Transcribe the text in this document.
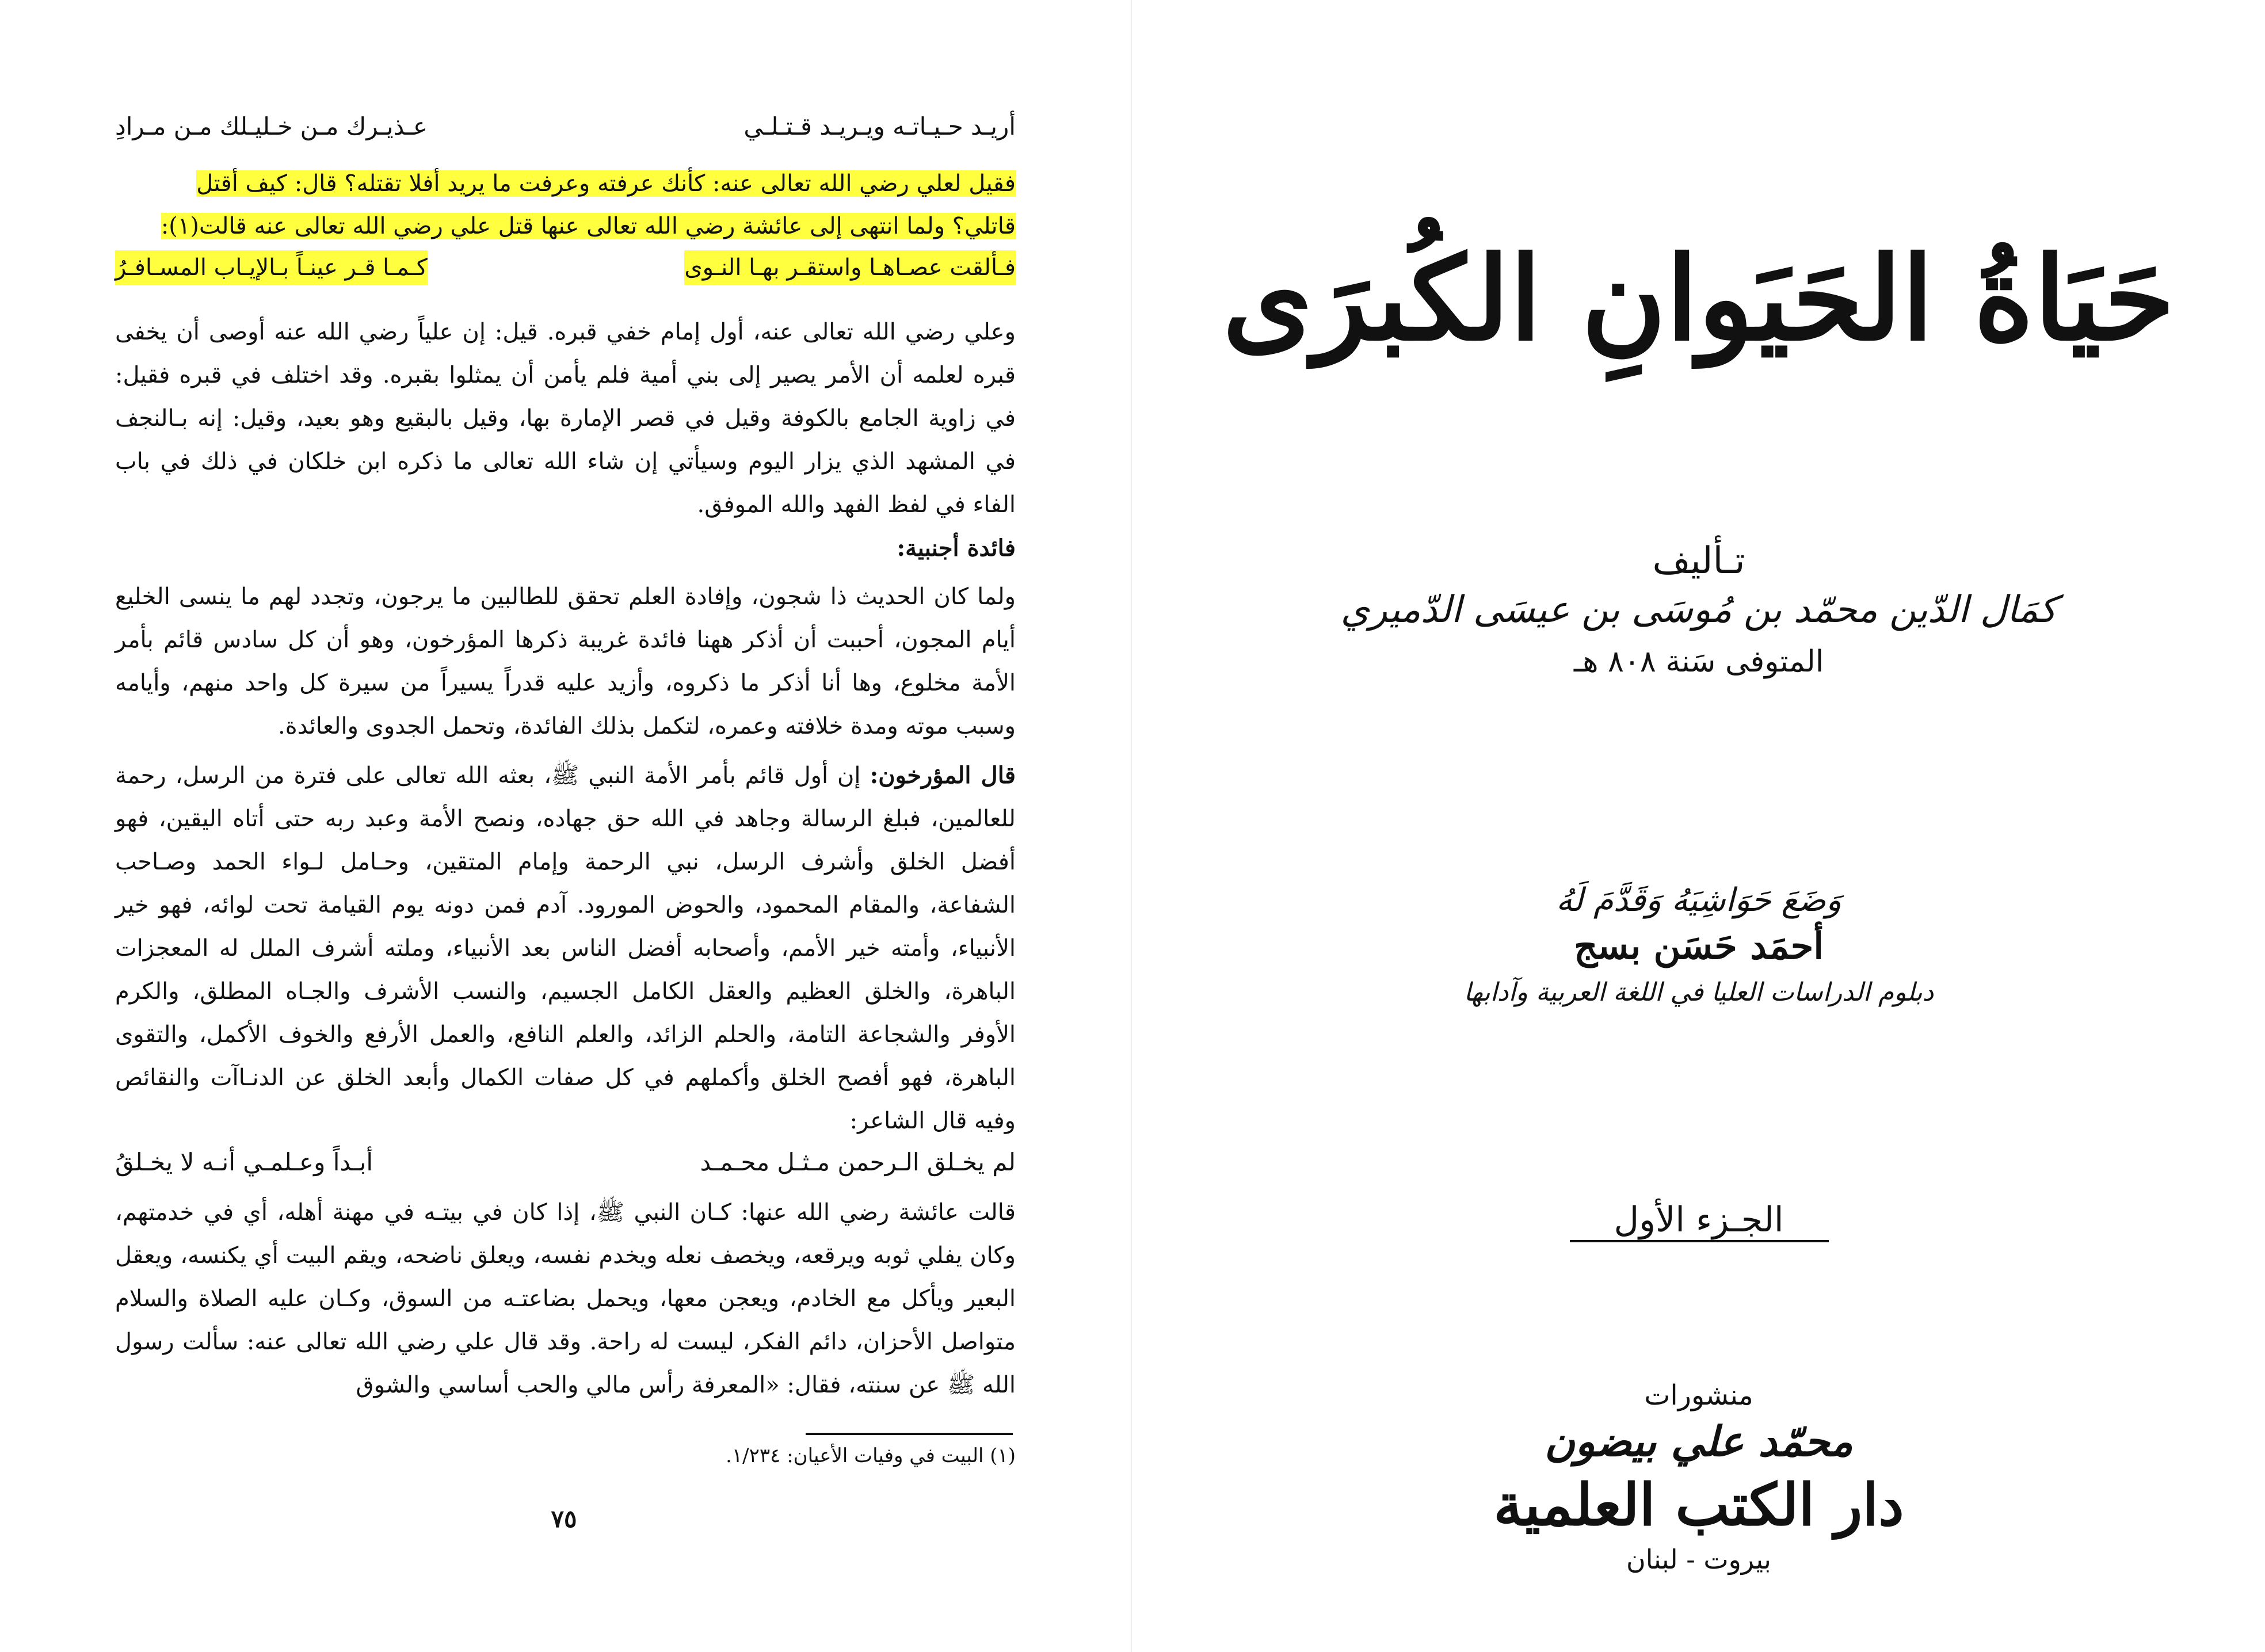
أريـد حـيـاتـه ويـريـد قـتـلـي
عـذيـرك مـن خـليـلك مـن مـرادِ
فقيل لعلي رضي الله تعالى عنه: كأنك عرفته وعرفت ما يريد أفلا تقتله؟ قال: كيف أقتل
قاتلي؟ ولما انتهى إلى عائشة رضي الله تعالى عنها قتل علي رضي الله تعالى عنه قالت(١):
فـألقت عصـاهـا واستقـر بهـا النـوى
كـمـا قـر عينـاً بـالإيـاب المسـافـرُ

وعلي رضي الله تعالى عنه، أول إمام خفي قبره. قيل: إن علياً رضي الله عنه أوصى أن يخفى قبره لعلمه أن الأمر يصير إلى بني أمية فلم يأمن أن يمثلوا بقبره. وقد اختلف في قبره فقيل: في زاوية الجامع بالكوفة وقيل في قصر الإمارة بها، وقيل بالبقيع وهو بعيد، وقيل: إنه بـالنجف في المشهد الذي يزار اليوم وسيأتي إن شاء الله تعالى ما ذكره ابن خلكان في ذلك في باب الفاء في لفظ الفهد والله الموفق.

فائدة أجنبية:

ولما كان الحديث ذا شجون، وإفادة العلم تحقق للطالبين ما يرجون، وتجدد لهم ما ينسى الخليع أيام المجون، أحببت أن أذكر ههنا فائدة غريبة ذكرها المؤرخون، وهو أن كل سادس قائم بأمر الأمة مخلوع، وها أنا أذكر ما ذكروه، وأزيد عليه قدراً يسيراً من سيرة كل واحد منهم، وأيامه وسبب موته ومدة خلافته وعمره، لتكمل بذلك الفائدة، وتحمل الجدوى والعائدة.

قال المؤرخون: إن أول قائم بأمر الأمة النبي ﷺ، بعثه الله تعالى على فترة من الرسل، رحمة للعالمين، فبلغ الرسالة وجاهد في الله حق جهاده، ونصح الأمة وعبد ربه حتى أتاه اليقين، فهو أفضل الخلق وأشرف الرسل، نبي الرحمة وإمام المتقين، وحـامل لـواء الحمد وصـاحب الشفاعة، والمقام المحمود، والحوض المورود. آدم فمن دونه يوم القيامة تحت لوائه، فهو خير الأنبياء، وأمته خير الأمم، وأصحابه أفضل الناس بعد الأنبياء، وملته أشرف الملل له المعجزات الباهرة، والخلق العظيم والعقل الكامل الجسيم، والنسب الأشرف والجـاه المطلق، والكرم الأوفر والشجاعة التامة، والحلم الزائد، والعلم النافع، والعمل الأرفع والخوف الأكمل، والتقوى الباهرة، فهو أفصح الخلق وأكملهم في كل صفات الكمال وأبعد الخلق عن الدنـاآت والنقائص وفيه قال الشاعر:

لم يخـلق الـرحمن مـثـل محـمـد
أبـداً وعـلمـي أنـه لا يخـلقُ

قالت عائشة رضي الله عنها: كـان النبي ﷺ، إذا كان في بيتـه في مهنة أهله، أي في خدمتهم، وكان يفلي ثوبه ويرقعه، ويخصف نعله ويخدم نفسه، ويعلق ناضحه، ويقم البيت أي يكنسه، ويعقل البعير ويأكل مع الخادم، ويعجن معها، ويحمل بضاعتـه من السوق، وكـان عليه الصلاة والسلام متواصل الأحزان، دائم الفكر، ليست له راحة. وقد قال علي رضي الله تعالى عنه: سألت رسول الله ﷺ عن سنته، فقال: «المعرفة رأس مالي والحب أساسي والشوق

(١) البيت في وفيات الأعيان: ١/٢٣٤.
٧٥
حَيَاةُ الحَيَوانِ الكُبرَى
تـأليف
كمَال الدّين محمّد بن مُوسَى بن عيسَى الدّميري
المتوفى سَنة ٨٠٨ هـ
وَضَعَ حَوَاشِيَهُ وَقَدَّمَ لَهُ
أحمَد حَسَن بسج
دبلوم الدراسات العليا في اللغة العربية وآدابها
الجـزء الأول
منشورات
محمّد علي بيضون
دار الكتب العلمية
بيروت - لبنان
